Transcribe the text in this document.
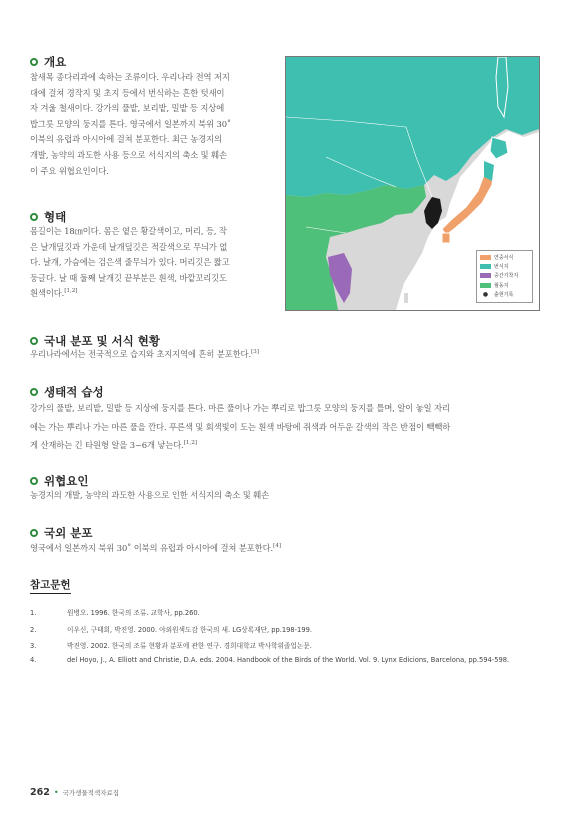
개요
참새목 종다리과에 속하는 조류이다. 우리나라 전역 저지
대에 걸쳐 경작지 및 초지 등에서 번식하는 흔한 텃새이
자 겨울 철새이다. 강가의 풀밭, 보리밭, 밀밭 등 지상에
밥그릇 모양의 둥지를 튼다. 영국에서 일본까지 북위 30˚
이북의 유럽과 아시아에 걸쳐 분포한다. 최근 농경지의
개발, 농약의 과도한 사용 등으로 서식지의 축소 및 훼손
이 주요 위협요인이다.
형태
몸길이는 18㎝이다. 몸은 옅은 황갈색이고, 머리, 등, 작
은 날개덮깃과 가운데 날개덮깃은 적갈색으로 무늬가 없
다. 날개, 가슴에는 검은색 줄무늬가 있다. 머리깃은 짧고
둥글다. 날 때 둘째 날개깃 끝부분은 흰색, 바깥꼬리깃도
흰색이다.[1,2]
연중서식
번식지
중간기착지
월동지
●	출현기록
국내 분포 및 서식 현황
우리나라에서는 전국적으로 습지와 초지지역에 흔히 분포한다.[3]
생태적 습성
강가의 풀밭, 보리밭, 밀밭 등 지상에 둥지를 튼다. 마른 풀이나 가는 뿌리로 밥그릇 모양의 둥지를 틀며, 알이 놓일 자리
에는 가는 뿌리나 가는 마른 풀을 깐다. 푸른색 및 회색빛이 도는 흰색 바탕에 쥐색과 어두운 갈색의 작은 반점이 빽빽하
게 산재하는 긴 타원형 알을 3~6개 낳는다.[1,2]
위협요인
농경지의 개발, 농약의 과도한 사용으로 인한 서식지의 축소 및 훼손
국외 분포
영국에서 일본까지 북위 30˚ 이북의 유럽과 아시아에 걸쳐 분포한다.[4]
참고문헌
1.	원병오. 1996. 한국의 조류. 교학사, pp.260.
2.	이우신, 구태회, 박진영. 2000. 야외원색도감 한국의 새. LG상록재단, pp.198-199.
3.	박진영. 2002. 한국의 조류 현황과 분포에 관한 연구. 경희대학교 박사학위졸업논문.
4.	del Hoyo, J., A. Elliott and Christie, D.A. eds. 2004. Handbook of the Birds of the World. Vol. 9. Lynx Edicions, Barcelona, pp.594-598.
262 • 국가생물적색자료집
